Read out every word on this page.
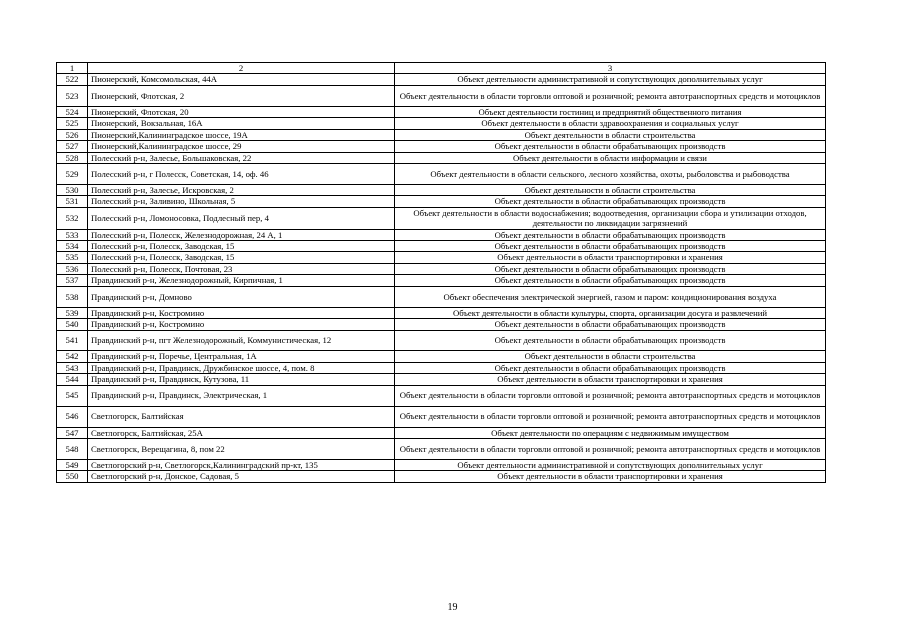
1	2	3
522	Пионерский, Комсомольская, 44А	Объект деятельности административной и сопутствующих дополнительных услуг
523	Пионерский, Флотская, 2	Объект деятельности в области торговли оптовой и розничной; ремонта автотранспортных средств и мотоциклов
524	Пионерский, Флотская, 20	Объект деятельности гостиниц и предприятий общественного питания
525	Пионерский, Вокзальная, 16А	Объект деятельности в области здравоохранения и социальных услуг
526	Пионерский,Калининградское шоссе, 19А	Объект деятельности в области строительства
527	Пионерский,Калининградское шоссе, 29	Объект деятельности в области обрабатывающих производств
528	Полесский р-н, Залесье, Большаковская, 22	Объект деятельности в области информации и связи
529	Полесский р-н, г Полесск, Советская, 14, оф. 46	Объект деятельности в области сельского, лесного хозяйства, охоты, рыболовства и рыбоводства
530	Полесский р-н, Залесье, Искровская, 2	Объект деятельности в области строительства
531	Полесский р-н, Заливино, Школьная, 5	Объект деятельности в области обрабатывающих производств
532	Полесский р-н, Ломоносовка, Подлесный пер, 4	Объект деятельности в области водоснабжения; водоотведения, организации сбора и утилизации отходов, деятельности по ликвидации загрязнений
533	Полесский р-н, Полесск, Железнодорожная, 24 А, 1	Объект деятельности в области обрабатывающих производств
534	Полесский р-н, Полесск, Заводская, 15	Объект деятельности в области обрабатывающих производств
535	Полесский р-н, Полесск, Заводская, 15	Объект деятельности в области транспортировки и хранения
536	Полесский р-н, Полесск, Почтовая, 23	Объект деятельности в области обрабатывающих производств
537	Правдинский р-н, Железнодорожный, Кирпичная, 1	Объект деятельности в области обрабатывающих производств
538	Правдинский р-н, Домново	Объект обеспечения электрической энергией, газом и паром: кондиционирования воздуха
539	Правдинский р-н, Костромино	Объект деятельности в области культуры, спорта, организации досуга и развлечений
540	Правдинский р-н, Костромино	Объект деятельности в области обрабатывающих производств
541	Правдинский р-н, пгт Железнодорожный, Коммунистическая, 12	Объект деятельности в области обрабатывающих производств
542	Правдинский р-н, Поречье, Центральная, 1А	Объект деятельности в области строительства
543	Правдинский р-н, Правдинск, Дружбинское шоссе, 4, пом. 8	Объект деятельности в области обрабатывающих производств
544	Правдинский р-н, Правдинск, Кутузова, 11	Объект деятельности в области транспортировки и хранения
545	Правдинский р-н, Правдинск, Электрическая, 1	Объект деятельности в области торговли оптовой и розничной; ремонта автотранспортных средств и мотоциклов
546	Светлогорск, Балтийская	Объект деятельности в области торговли оптовой и розничной; ремонта автотранспортных средств и мотоциклов
547	Светлогорск, Балтийская, 25А	Объект деятельности по операциям с недвижимым имуществом
548	Светлогорск, Верещагина, 8, пом 22	Объект деятельности в области торговли оптовой и розничной; ремонта автотранспортных средств и мотоциклов
549	Светлогорский р-н, Светлогорск,Калининградский пр-кт, 135	Объект деятельности административной и сопутствующих дополнительных услуг
550	Светлогорский р-н, Донское, Садовая, 5	Объект деятельности в области транспортировки и хранения
19
